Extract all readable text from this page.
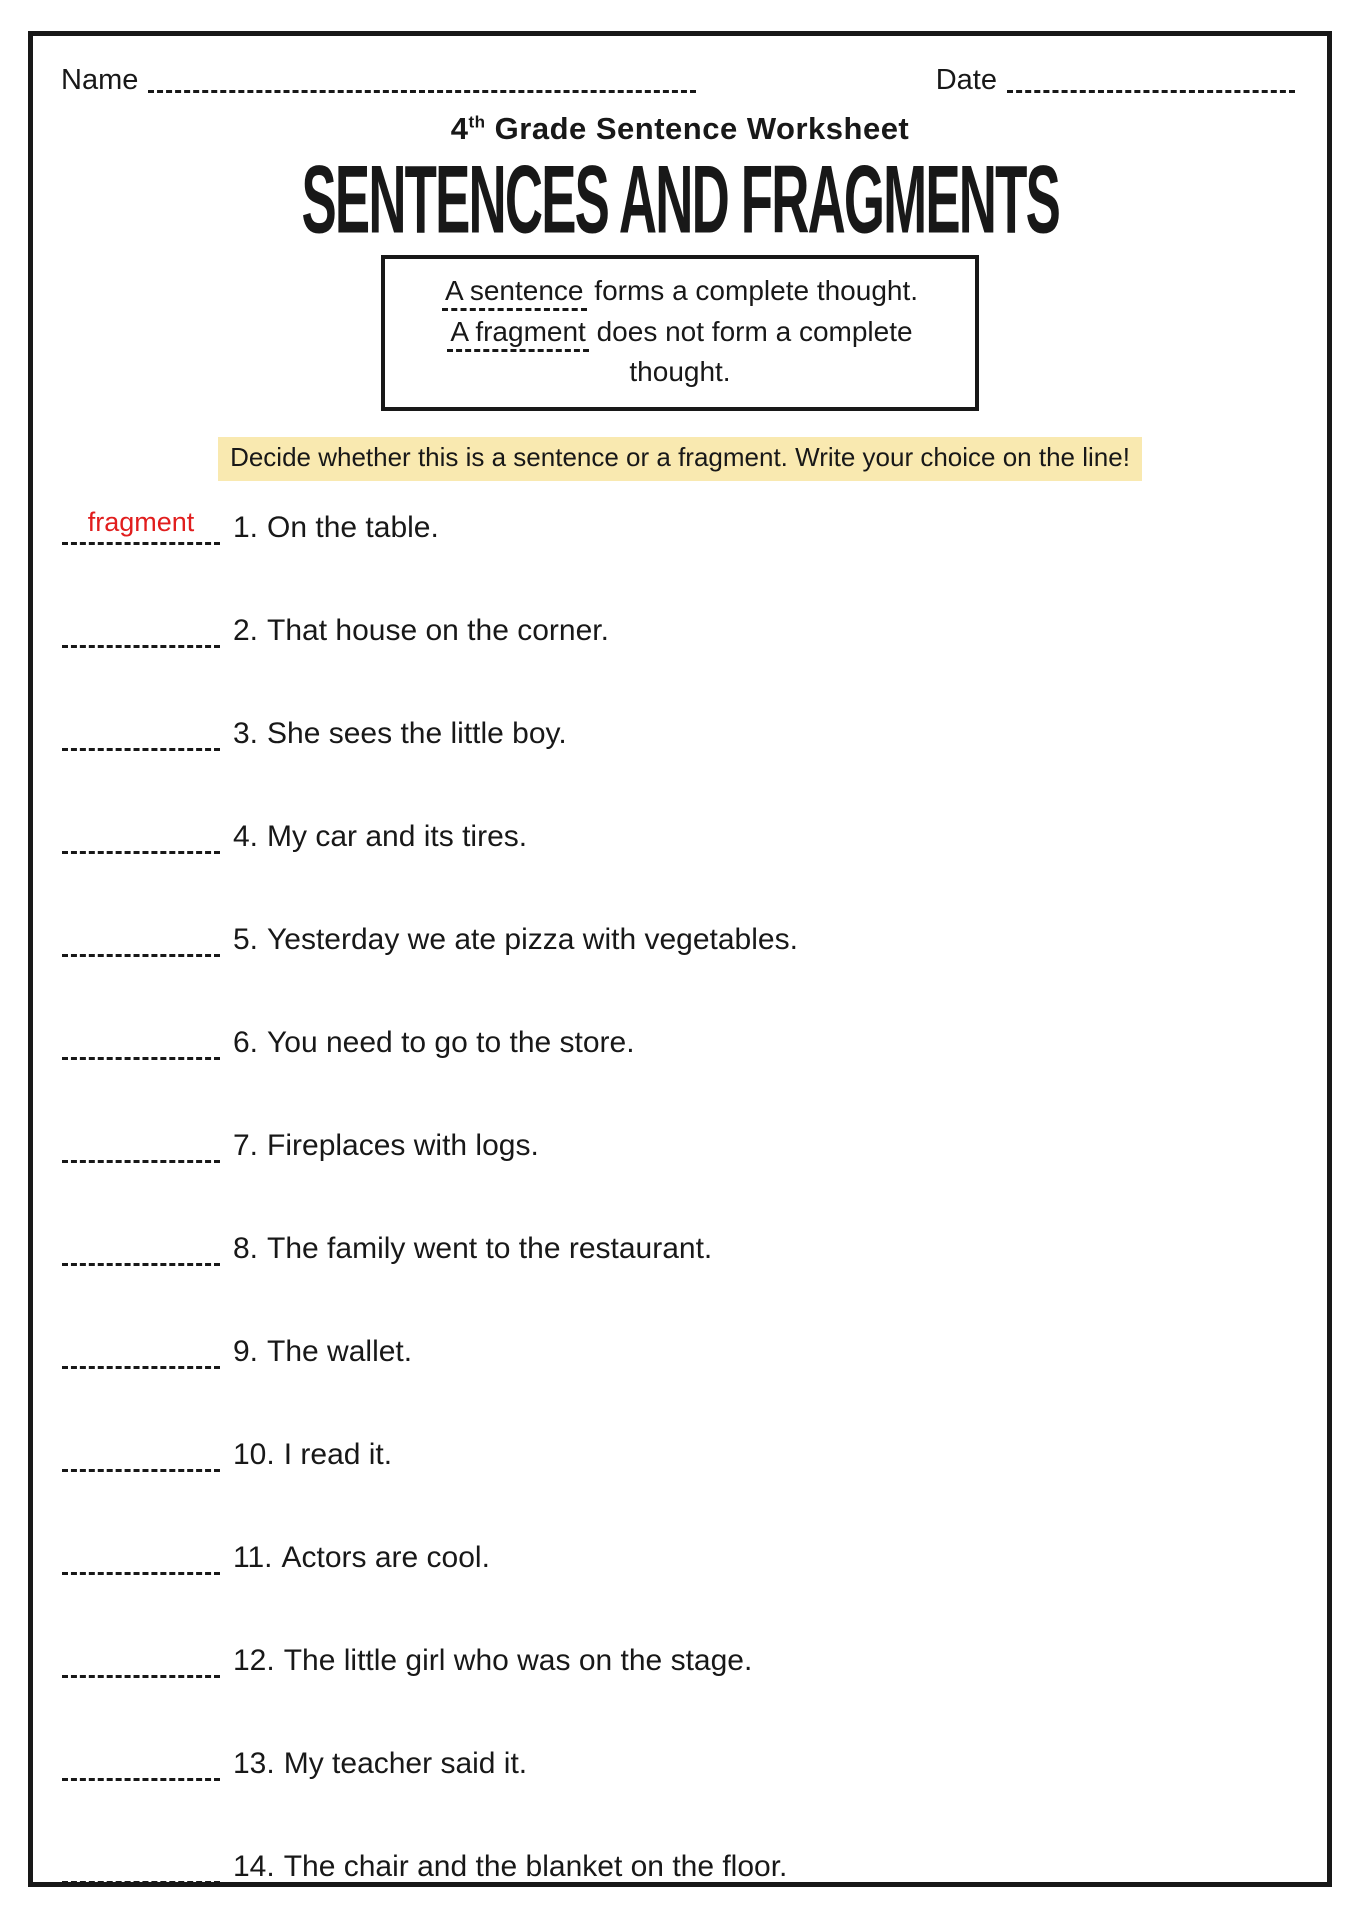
Name	Date
4th Grade Sentence Worksheet
SENTENCES AND FRAGMENTS
A sentence forms a complete thought.
A fragment does not form a complete thought.
Decide whether this is a sentence or a fragment. Write your choice on the line!
fragment	1. On the table.
2. That house on the corner.
3. She sees the little boy.
4. My car and its tires.
5. Yesterday we ate pizza with vegetables.
6. You need to go to the store.
7. Fireplaces with logs.
8. The family went to the restaurant.
9. The wallet.
10. I read it.
11. Actors are cool.
12. The little girl who was on the stage.
13. My teacher said it.
14. The chair and the blanket on the floor.
